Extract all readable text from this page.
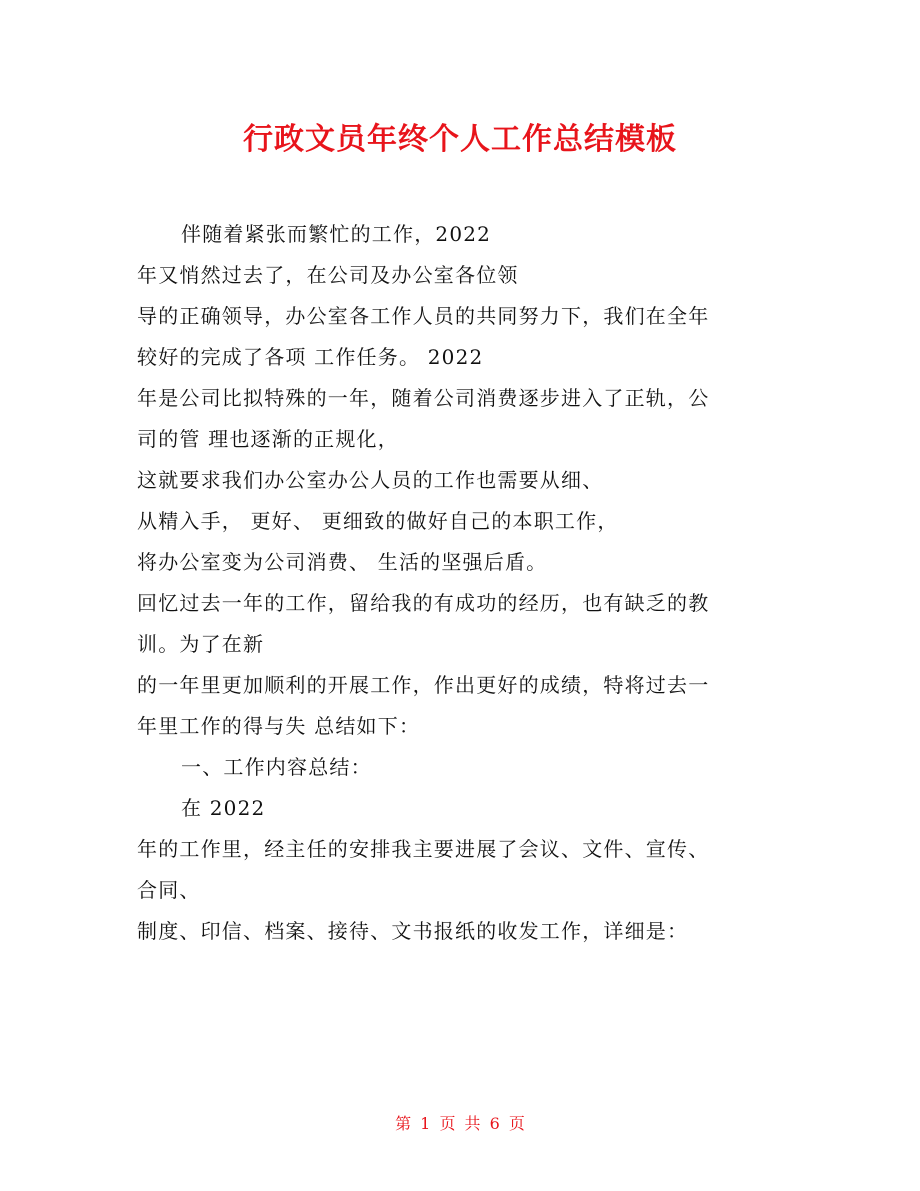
行政文员年终个人工作总结模板
伴随着紧张而繁忙的工作，2022
年又悄然过去了，在公司及办公室各位领
导的正确领导，办公室各工作人员的共同努力下，我们在全年
较好的完成了各项 工作任务。 2022
年是公司比拟特殊的一年，随着公司消费逐步进入了正轨，公
司的管 理也逐渐的正规化，
这就要求我们办公室办公人员的工作也需要从细、
从精入手， 更好、 更细致的做好自己的本职工作，
将办公室变为公司消费、 生活的坚强后盾。
回忆过去一年的工作，留给我的有成功的经历，也有缺乏的教
训。为了在新
的一年里更加顺利的开展工作，作出更好的成绩，特将过去一
年里工作的得与失 总结如下：
一、工作内容总结：
在 2022
年的工作里，经主任的安排我主要进展了会议、文件、宣传、
合同、
制度、印信、档案、接待、文书报纸的收发工作，详细是：
第 1 页 共 6 页
